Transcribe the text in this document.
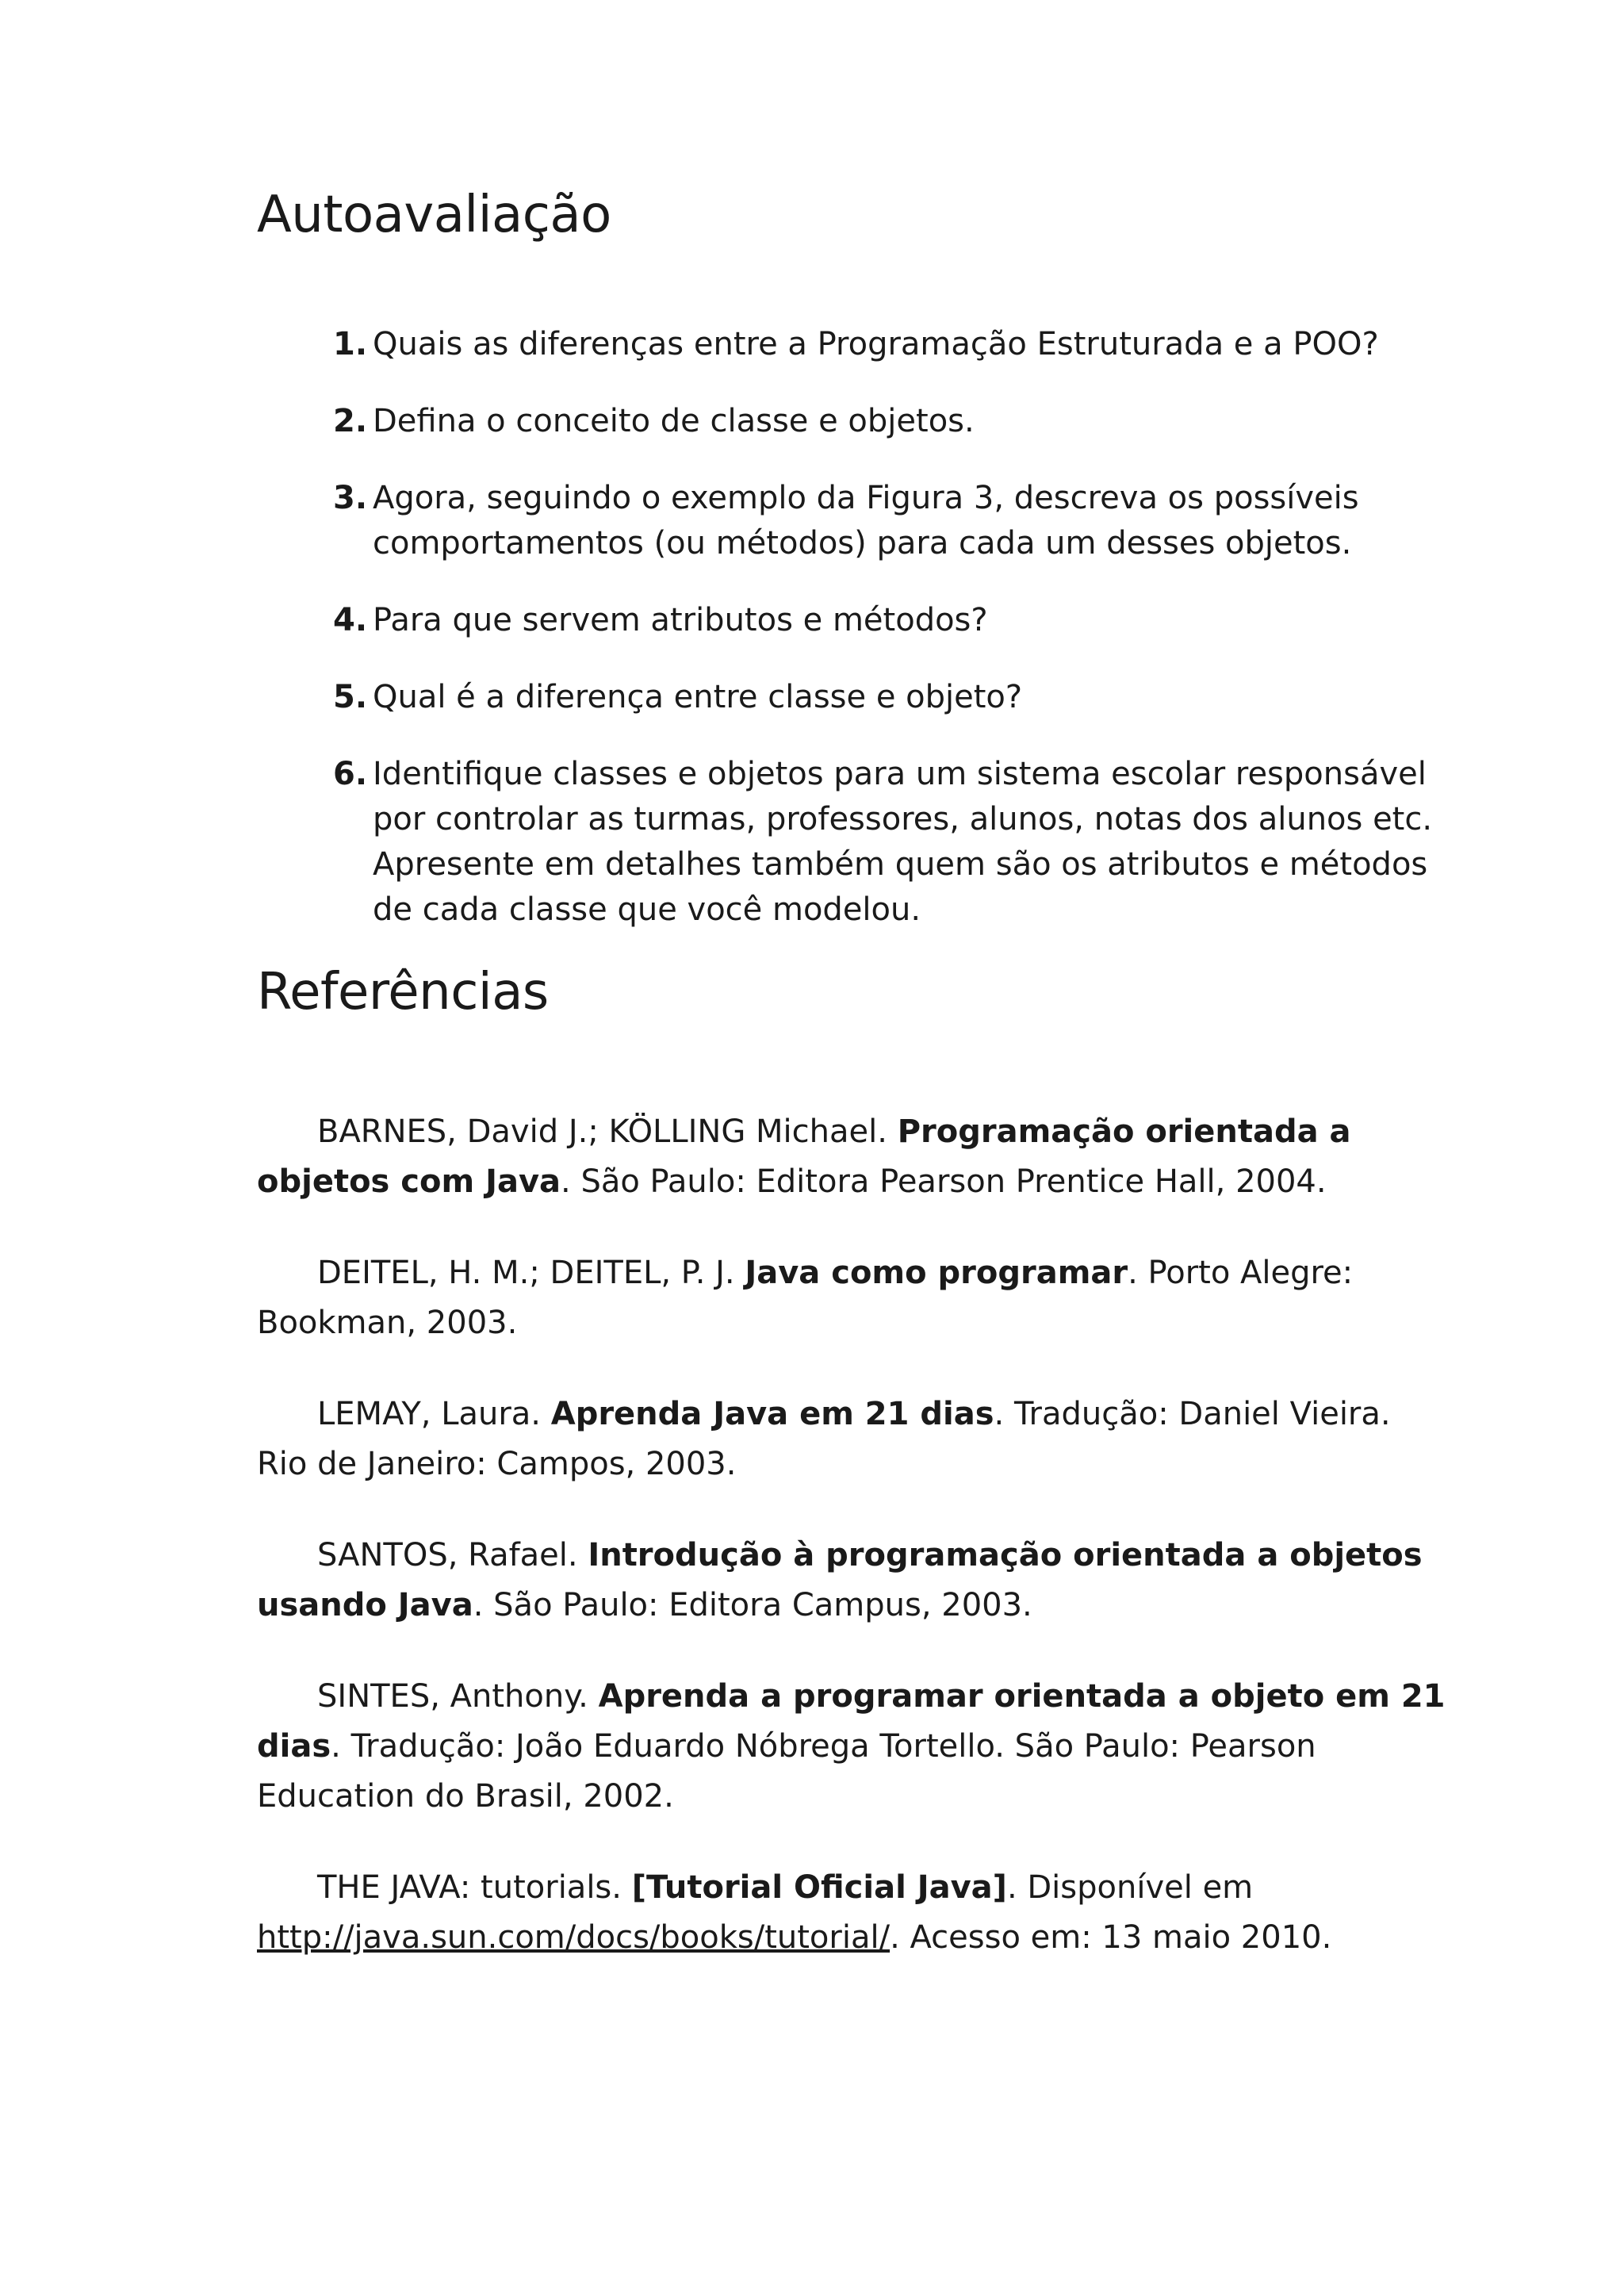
Autoavaliação
1. Quais as diferenças entre a Programação Estruturada e a POO?
2. Defina o conceito de classe e objetos.
3. Agora, seguindo o exemplo da Figura 3, descreva os possíveis comportamentos (ou métodos) para cada um desses objetos.
4. Para que servem atributos e métodos?
5. Qual é a diferença entre classe e objeto?
6. Identifique classes e objetos para um sistema escolar responsável por controlar as turmas, professores, alunos, notas dos alunos etc. Apresente em detalhes também quem são os atributos e métodos de cada classe que você modelou.
Referências

BARNES, David J.; KÖLLING Michael. Programação orientada a objetos com Java. São Paulo: Editora Pearson Prentice Hall, 2004.

DEITEL, H. M.; DEITEL, P. J. Java como programar. Porto Alegre: Bookman, 2003.

LEMAY, Laura. Aprenda Java em 21 dias. Tradução: Daniel Vieira. Rio de Janeiro: Campos, 2003.

SANTOS, Rafael. Introdução à programação orientada a objetos usando Java. São Paulo: Editora Campus, 2003.

SINTES, Anthony. Aprenda a programar orientada a objeto em 21 dias. Tradução: João Eduardo Nóbrega Tortello. São Paulo: Pearson Education do Brasil, 2002.

THE JAVA: tutorials. [Tutorial Oficial Java]. Disponível em http://java.sun.com/docs/books/tutorial/. Acesso em: 13 maio 2010.
